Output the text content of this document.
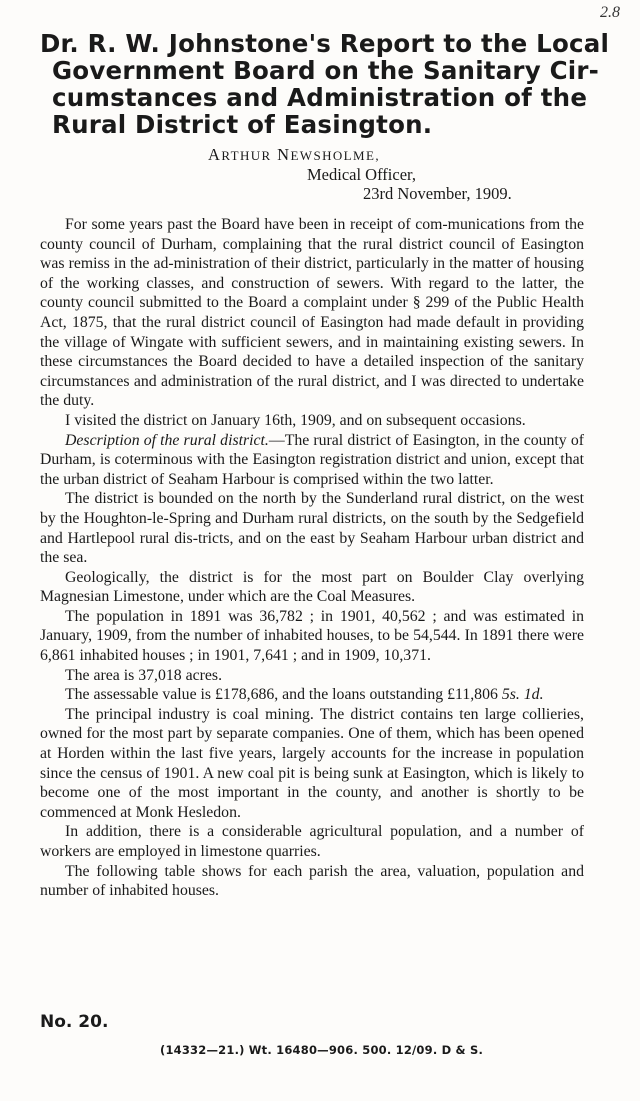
2.8
Dr. R. W. Johnstone's Report to the Local
Government Board on the Sanitary Cir-
cumstances and Administration of the
Rural District of Easington.
ARTHUR NEWSHOLME,
Medical Officer,
23rd November, 1909.

For some years past the Board have been in receipt of com-munications from the county council of Durham, complaining that the rural district council of Easington was remiss in the ad-ministration of their district, particularly in the matter of housing of the working classes, and construction of sewers. With regard to the latter, the county council submitted to the Board a complaint under § 299 of the Public Health Act, 1875, that the rural district council of Easington had made default in providing the village of Wingate with sufficient sewers, and in maintaining existing sewers. In these circumstances the Board decided to have a detailed inspection of the sanitary circumstances and administration of the rural district, and I was directed to undertake the duty.

I visited the district on January 16th, 1909, and on subsequent occasions.

Description of the rural district.—The rural district of Easington, in the county of Durham, is coterminous with the Easington registration district and union, except that the urban district of Seaham Harbour is comprised within the two latter.

The district is bounded on the north by the Sunderland rural district, on the west by the Houghton-le-Spring and Durham rural districts, on the south by the Sedgefield and Hartlepool rural dis-tricts, and on the east by Seaham Harbour urban district and the sea.

Geologically, the district is for the most part on Boulder Clay overlying Magnesian Limestone, under which are the Coal Measures.

The population in 1891 was 36,782 ; in 1901, 40,562 ; and was estimated in January, 1909, from the number of inhabited houses, to be 54,544. In 1891 there were 6,861 inhabited houses ; in 1901, 7,641 ; and in 1909, 10,371.

The area is 37,018 acres.

The assessable value is £178,686, and the loans outstanding £11,806 5s. 1d.

The principal industry is coal mining. The district contains ten large collieries, owned for the most part by separate companies. One of them, which has been opened at Horden within the last five years, largely accounts for the increase in population since the census of 1901. A new coal pit is being sunk at Easington, which is likely to become one of the most important in the county, and another is shortly to be commenced at Monk Hesledon.

In addition, there is a considerable agricultural population, and a number of workers are employed in limestone quarries.

The following table shows for each parish the area, valuation, population and number of inhabited houses.

No. 20.
(14332—21.) Wt. 16480—906. 500. 12/09. D & S.
